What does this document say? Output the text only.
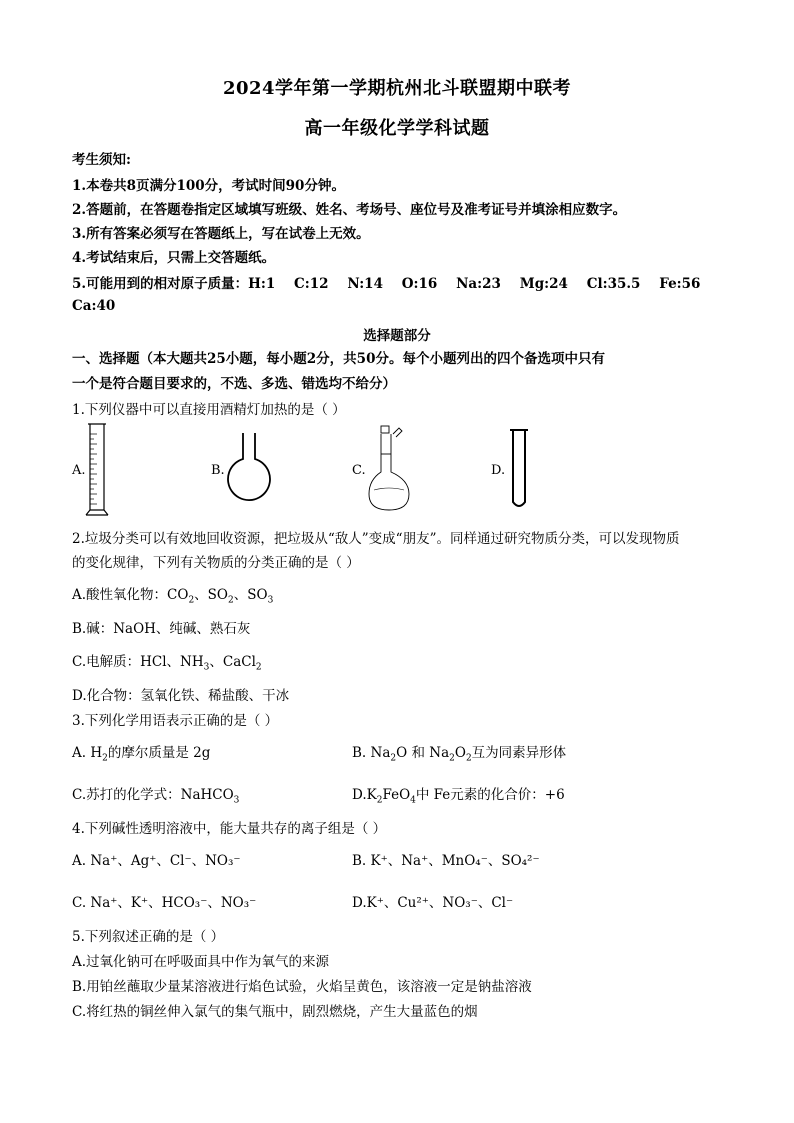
2024学年第一学期杭州北斗联盟期中联考
高一年级化学学科试题
考生须知:
1.本卷共8页满分100分，考试时间90分钟。
2.答题前，在答题卷指定区域填写班级、姓名、考场号、座位号及准考证号并填涂相应数字。
3.所有答案必须写在答题纸上，写在试卷上无效。
4.考试结束后，只需上交答题纸。
5.可能用到的相对原子质量：H:1    C:12    N:14    O:16    Na:23    Mg:24    Cl:35.5    Fe:56
Ca:40
选择题部分
一、选择题（本大题共25小题，每小题2分，共50分。每个小题列出的四个备选项中只有
一个是符合题目要求的，不选、多选、错选均不给分）
1.下列仪器中可以直接用酒精灯加热的是（ ）
A.	B.	C.	D.
2.垃圾分类可以有效地回收资源，把垃圾从“敌人”变成“朋友”。同样通过研究物质分类，可以发现物质
的变化规律，下列有关物质的分类正确的是（ ）
A.酸性氧化物：$CO_2$、$SO_2$、$SO_3$
B.碱：NaOH、纯碱、熟石灰
C.电解质：HCl、$NH_3$、CaCl$_2$
D.化合物：氢氧化铁、稀盐酸、干冰
3.下列化学用语表示正确的是（ ）
A. $H_2$的摩尔质量是 2g	B. $Na_2O$ 和 $Na_2O_2$互为同素异形体
C.苏打的化学式：NaHCO$_3$	$D.K_2FeO_4$中 Fe元素的化合价：+6
4.下列碱性透明溶液中，能大量共存的离子组是（ ）
A. Na⁺、Ag⁺、Cl⁻、NO₃⁻	B. K⁺、Na⁺、MnO₄⁻、SO₄²⁻
C. Na⁺、K⁺、HCO₃⁻、NO₃⁻	D.K⁺、Cu²⁺、NO₃⁻、Cl⁻
5.下列叙述正确的是（ ）
A.过氧化钠可在呼吸面具中作为氧气的来源
B.用铂丝蘸取少量某溶液进行焰色试验，火焰呈黄色，该溶液一定是钠盐溶液
C.将红热的铜丝伸入氯气的集气瓶中，剧烈燃烧，产生大量蓝色的烟
